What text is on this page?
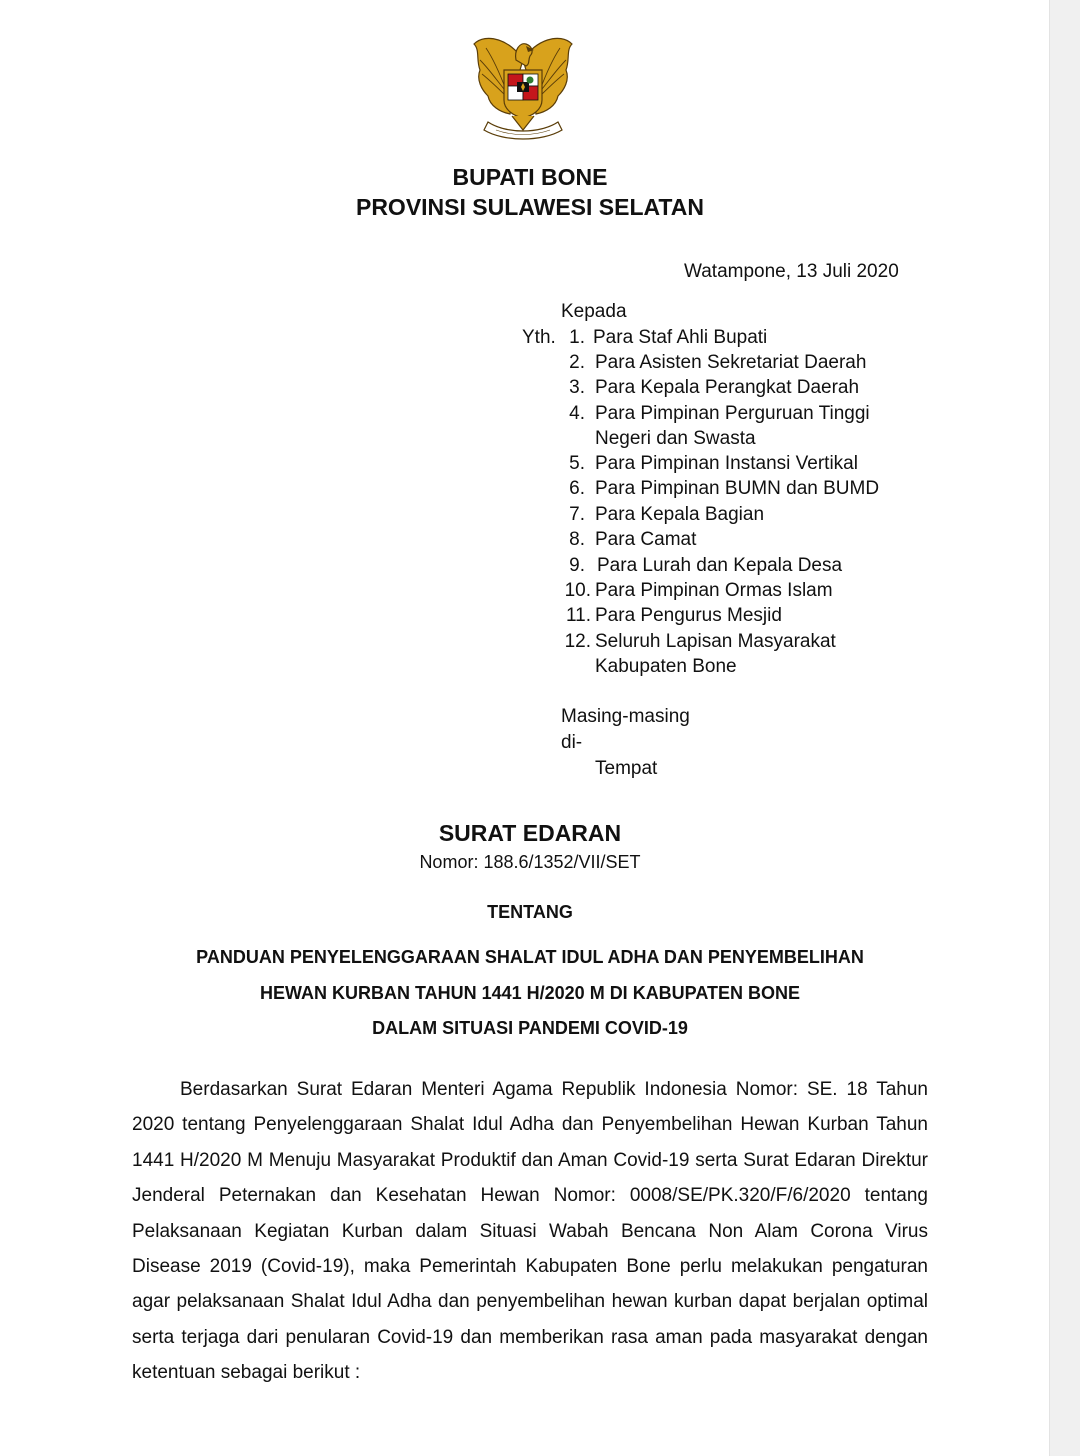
BUPATI BONE
PROVINSI SULAWESI SELATAN
Watampone, 13 Juli 2020
Kepada
Yth. 1. Para Staf Ahli Bupati
2. Para Asisten Sekretariat Daerah
3. Para Kepala Perangkat Daerah
4. Para Pimpinan Perguruan Tinggi
Negeri dan Swasta
5. Para Pimpinan Instansi Vertikal
6. Para Pimpinan BUMN dan BUMD
7. Para Kepala Bagian
8. Para Camat
9. Para Lurah dan Kepala Desa
10. Para Pimpinan Ormas Islam
11. Para Pengurus Mesjid
12. Seluruh Lapisan Masyarakat
Kabupaten Bone
Masing-masing
di-
Tempat
SURAT EDARAN
Nomor: 188.6/1352/VII/SET
TENTANG
PANDUAN PENYELENGGARAAN SHALAT IDUL ADHA DAN PENYEMBELIHAN
HEWAN KURBAN TAHUN 1441 H/2020 M DI KABUPATEN BONE
DALAM SITUASI PANDEMI COVID-19
Berdasarkan Surat Edaran Menteri Agama Republik Indonesia Nomor: SE. 18 Tahun 2020 tentang Penyelenggaraan Shalat Idul Adha dan Penyembelihan Hewan Kurban Tahun 1441 H/2020 M Menuju Masyarakat Produktif dan Aman Covid-19 serta Surat Edaran Direktur Jenderal Peternakan dan Kesehatan Hewan Nomor: 0008/SE/PK.320/F/6/2020 tentang Pelaksanaan Kegiatan Kurban dalam Situasi Wabah Bencana Non Alam Corona Virus Disease 2019 (Covid-19), maka Pemerintah Kabupaten Bone perlu melakukan pengaturan agar pelaksanaan Shalat Idul Adha dan penyembelihan hewan kurban dapat berjalan optimal serta terjaga dari penularan Covid-19 dan memberikan rasa aman pada masyarakat dengan ketentuan sebagai berikut :
